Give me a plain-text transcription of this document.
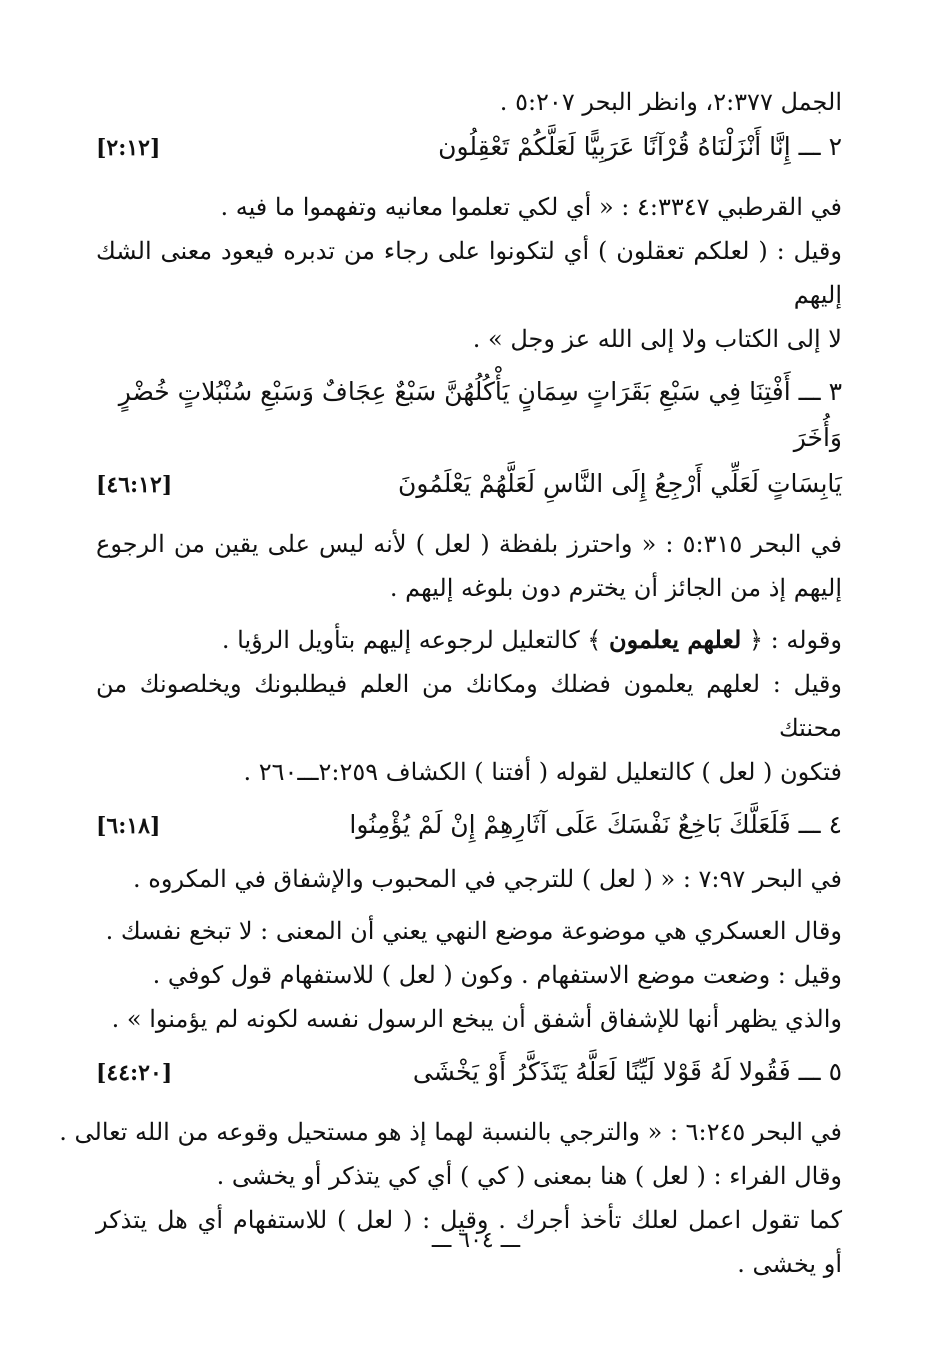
الجمل ٢:٣٧٧، وانظر البحر ٥:٢٠٧ .
٢ ـــ إِنَّا أَنْزَلْنَاهُ قُرْآنًا عَرَبِيًّا لَعَلَّكُمْ تَعْقِلُون
[٢:١٢]
في القرطبي ٤:٣٣٤٧ : « أي لكي تعلموا معانيه وتفهموا ما فيه .
وقيل : ( لعلكم تعقلون ) أي لتكونوا على رجاء من تدبره فيعود معنى الشك إليهم
لا إلى الكتاب ولا إلى الله عز وجل » .
٣ ـــ أَفْتِنَا فِي سَبْعِ بَقَرَاتٍ سِمَانٍ يَأْكُلُهُنَّ سَبْعٌ عِجَافٌ وَسَبْعِ سُنْبُلاتٍ خُضْرٍ وَأُخَرَ
يَابِسَاتٍ لَعَلِّي أَرْجِعُ إِلَى النَّاسِ لَعَلَّهُمْ يَعْلَمُونَ
[٤٦:١٢]
في البحر ٥:٣١٥ : « واحترز بلفظة ( لعل ) لأنه ليس على يقين من الرجوع
إليهم إذ من الجائز أن يخترم دون بلوغه إليهم .
وقوله : ﴿ لعلهم يعلمون ﴾ كالتعليل لرجوعه إليهم بتأويل الرؤيا .
وقيل : لعلهم يعلمون فضلك ومكانك من العلم فيطلبونك ويخلصونك من محنتك
فتكون ( لعل ) كالتعليل لقوله ( أفتنا ) الكشاف ٢:٢٥٩ـــ٢٦٠ .
٤ ـــ فَلَعَلَّكَ بَاخِعٌ نَفْسَكَ عَلَى آثَارِهِمْ إِنْ لَمْ يُؤْمِنُوا
[٦:١٨]
في البحر ٧:٩٧ : « ( لعل ) للترجي في المحبوب والإشفاق في المكروه .
وقال العسكري هي موضوعة موضع النهي يعني أن المعنى : لا تبخع نفسك .
وقيل : وضعت موضع الاستفهام . وكون ( لعل ) للاستفهام قول كوفي .
والذي يظهر أنها للإشفاق أشفق أن يبخع الرسول نفسه لكونه لم يؤمنوا » .
٥ ـــ فَقُولا لَهُ قَوْلا لَيِّنًا لَعَلَّهُ يَتَذَكَّرُ أَوْ يَخْشَى
[٤٤:٢٠]
في البحر ٦:٢٤٥ : « والترجي بالنسبة لهما إذ هو مستحيل وقوعه من الله تعالى .
وقال الفراء : ( لعل ) هنا بمعنى ( كي ) أي كي يتذكر أو يخشى .
كما تقول اعمل لعلك تأخذ أجرك . وقيل : ( لعل ) للاستفهام أي هل يتذكر
أو يخشى .
ـــ ٦٠٤ ـــ
